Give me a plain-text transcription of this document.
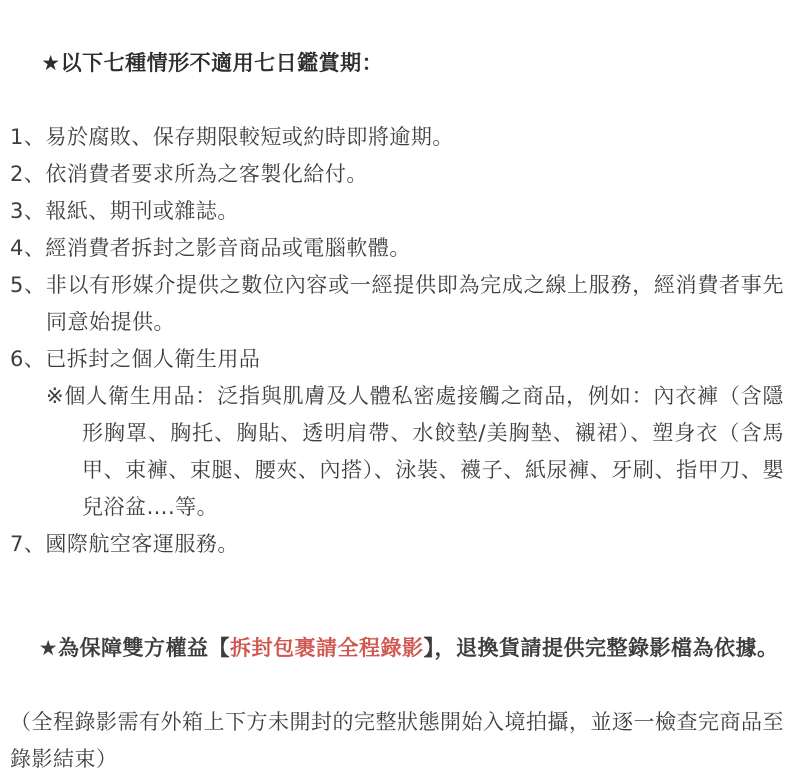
★以下七種情形不適用七日鑑賞期：

1、易於腐敗、保存期限較短或約時即將逾期。
2、依消費者要求所為之客製化給付。
3、報紙、期刊或雜誌。
4、經消費者拆封之影音商品或電腦軟體。
5、非以有形媒介提供之數位內容或一經提供即為完成之線上服務，經消費者事先同意始提供。
6、已拆封之個人衛生用品
※個人衛生用品：泛指與肌膚及人體私密處接觸之商品，例如：內衣褲（含隱形胸罩、胸托、胸貼、透明肩帶、水餃墊/美胸墊、襯裙）、塑身衣（含馬甲、束褲、束腿、腰夾、內搭）、泳裝、襪子、紙尿褲、牙刷、指甲刀、嬰兒浴盆….等。
7、國際航空客運服務。

★為保障雙方權益【拆封包裹請全程錄影】，退換貨請提供完整錄影檔為依據。

（全程錄影需有外箱上下方未開封的完整狀態開始入境拍攝，並逐一檢查完商品至錄影結束）
